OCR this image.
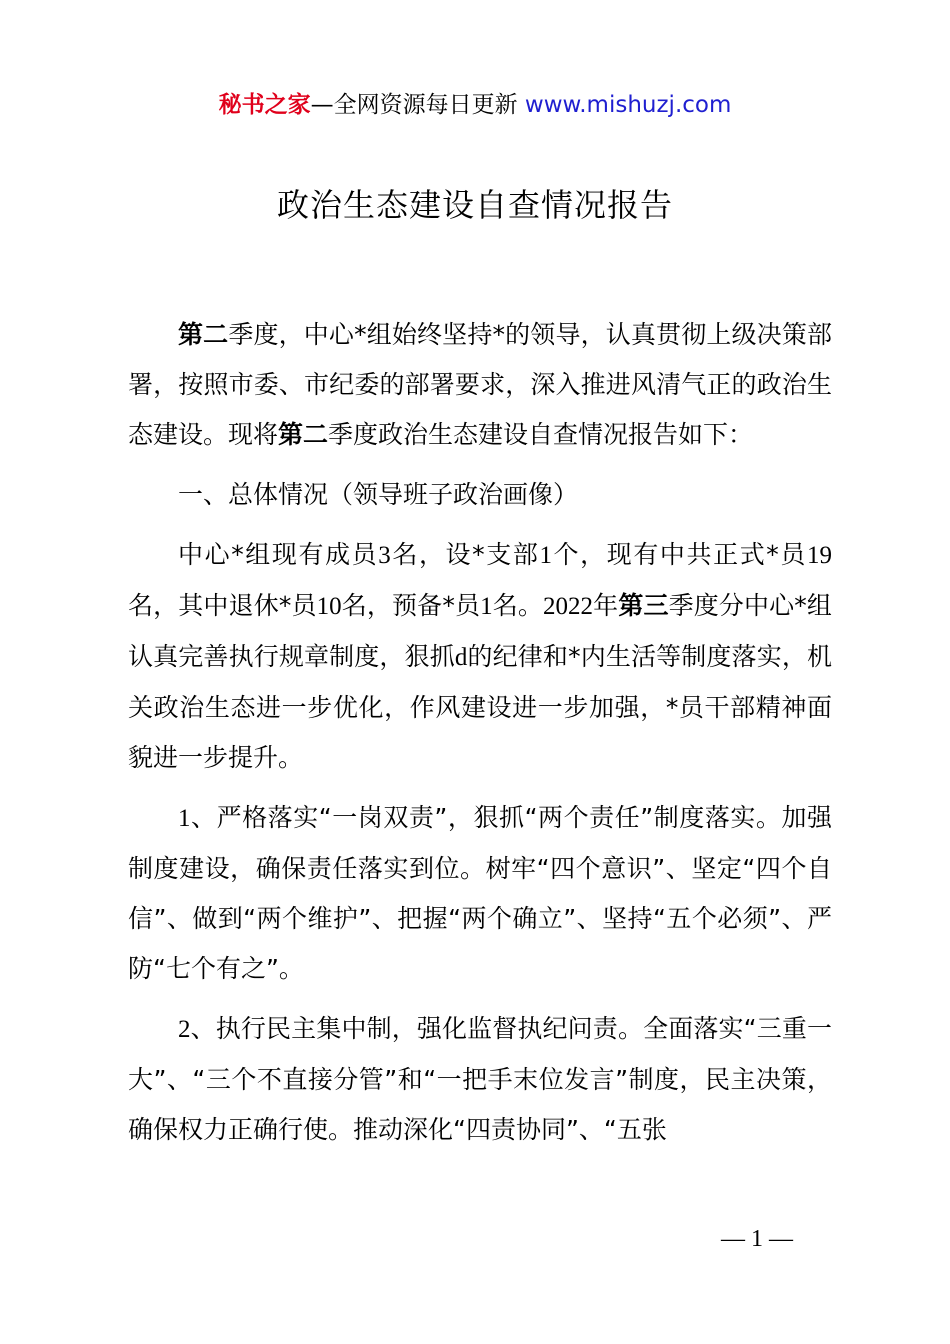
秘书之家—全网资源每日更新 www.mishuzj.com
政治生态建设自查情况报告

第二季度，中心*组始终坚持*的领导，认真贯彻上级决策部署，按照市委、市纪委的部署要求，深入推进风清气正的政治生态建设。现将第二季度政治生态建设自查情况报告如下：

一、总体情况（领导班子政治画像）

中心*组现有成员3名，设*支部1个，现有中共正式*员19名，其中退休*员10名，预备*员1名。2022年第三季度分中心*组认真完善执行规章制度，狠抓d的纪律和*内生活等制度落实，机关政治生态进一步优化，作风建设进一步加强，*员干部精神面貌进一步提升。

1、严格落实“一岗双责”，狠抓“两个责任”制度落实。加强制度建设，确保责任落实到位。树牢“四个意识”、坚定“四个自信”、做到“两个维护”、把握“两个确立”、坚持“五个必须”、严防“七个有之”。

2、执行民主集中制，强化监督执纪问责。全面落实“三重一大”、“三个不直接分管”和“一把手末位发言”制度，民主决策，确保权力正确行使。推动深化“四责协同”、“五张

— 1 —
